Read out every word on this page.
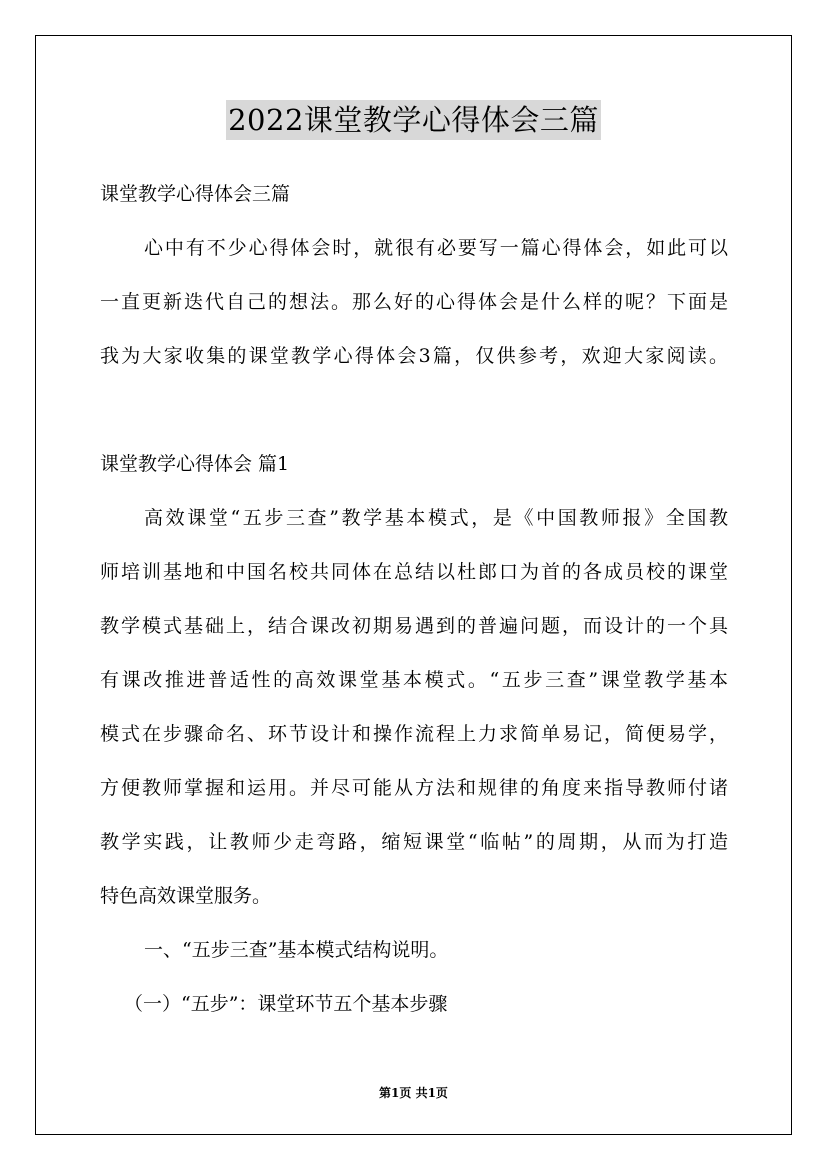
2022课堂教学心得体会三篇
课堂教学心得体会三篇
心中有不少心得体会时，就很有必要写一篇心得体会，如此可以
一直更新迭代自己的想法。那么好的心得体会是什么样的呢？下面是
我为大家收集的课堂教学心得体会3篇，仅供参考，欢迎大家阅读。
课堂教学心得体会 篇1
高效课堂“五步三查”教学基本模式，是《中国教师报》全国教
师培训基地和中国名校共同体在总结以杜郎口为首的各成员校的课堂
教学模式基础上，结合课改初期易遇到的普遍问题，而设计的一个具
有课改推进普适性的高效课堂基本模式。“五步三查”课堂教学基本
模式在步骤命名、环节设计和操作流程上力求简单易记，简便易学，
方便教师掌握和运用。并尽可能从方法和规律的角度来指导教师付诸
教学实践，让教师少走弯路，缩短课堂“临帖”的周期，从而为打造
特色高效课堂服务。
一、“五步三查”基本模式结构说明。
（一）“五步”：课堂环节五个基本步骤
第1页 共1页
